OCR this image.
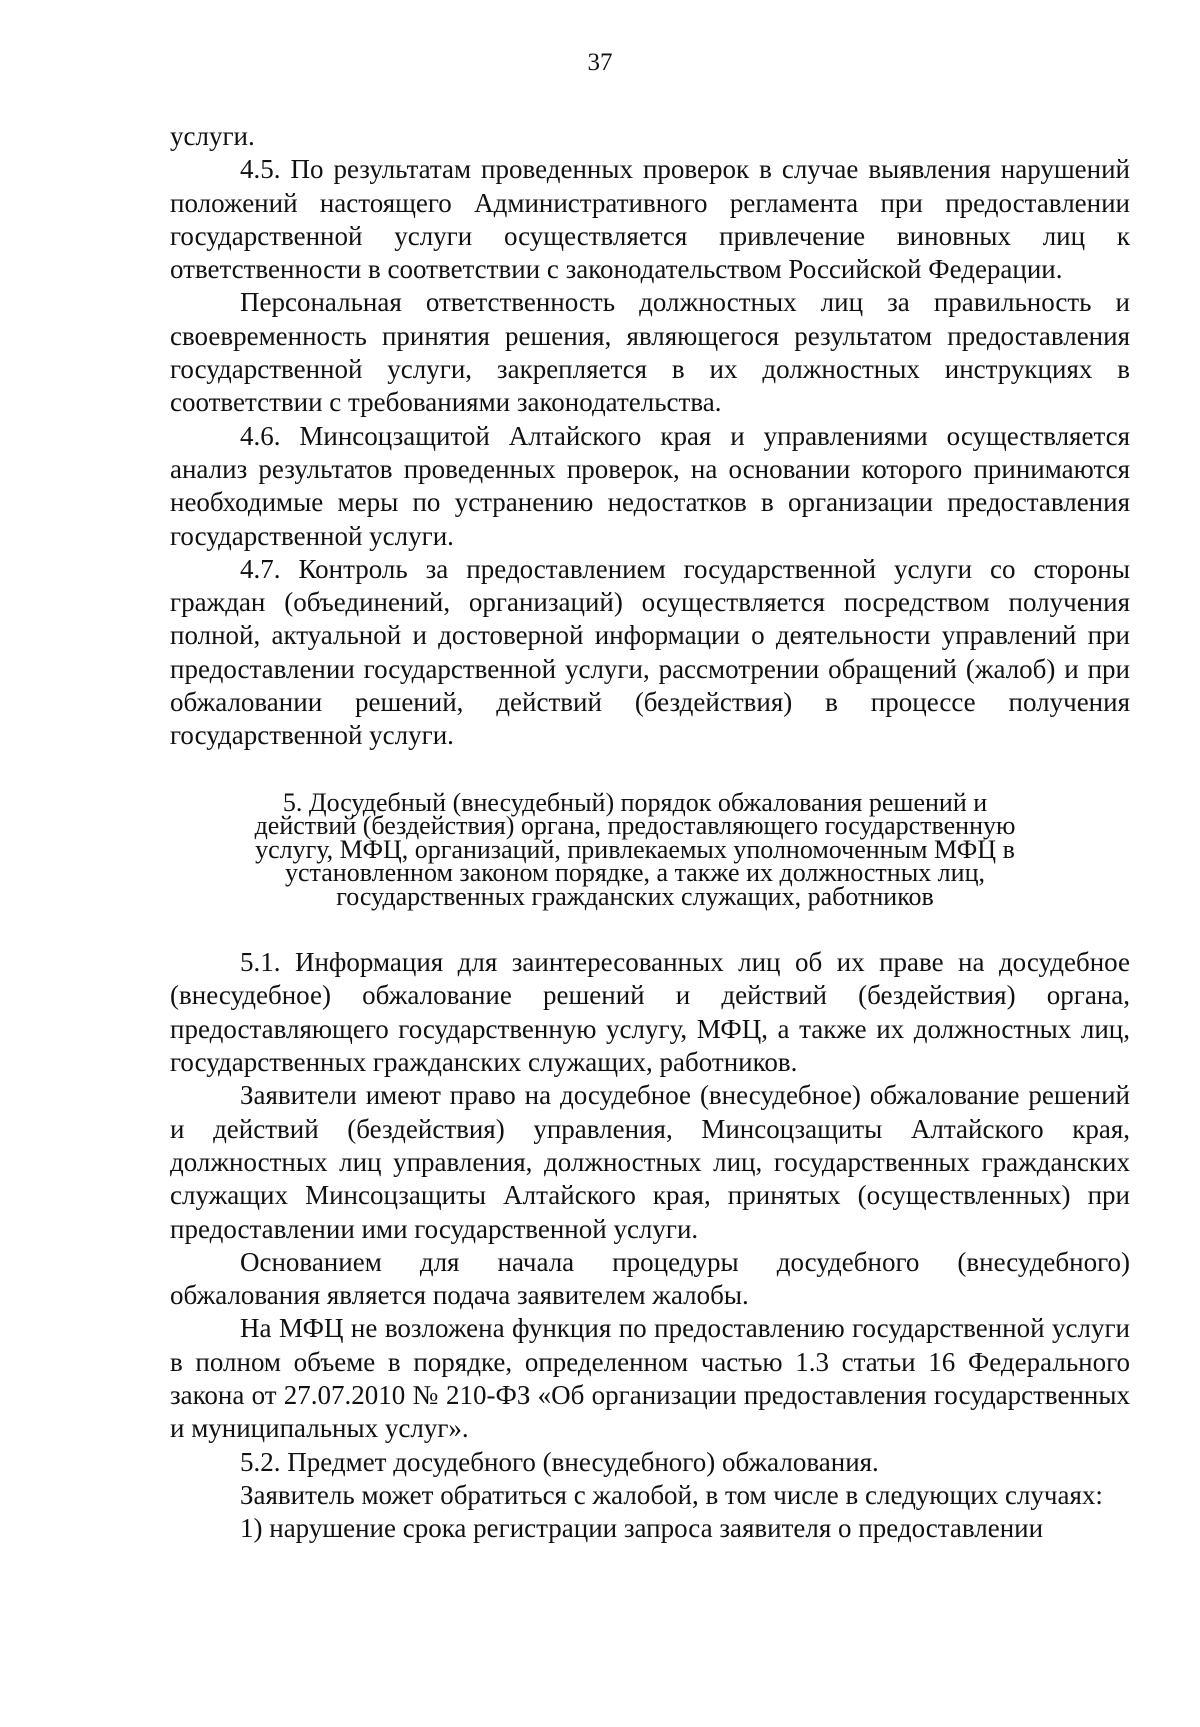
37

услуги.

4.5. По результатам проведенных проверок в случае выявления нарушений положений настоящего Административного регламента при предоставлении государственной услуги осуществляется привлечение виновных лиц к ответственности в соответствии с законодательством Российской Федерации.

Персональная ответственность должностных лиц за правильность и своевременность принятия решения, являющегося результатом предоставления государственной услуги, закрепляется в их должностных инструкциях в соответствии с требованиями законодательства.

4.6. Минсоцзащитой Алтайского края и управлениями осуществляется анализ результатов проведенных проверок, на основании которого принимаются необходимые меры по устранению недостатков в организации предоставления государственной услуги.

4.7. Контроль за предоставлением государственной услуги со стороны граждан (объединений, организаций) осуществляется посредством получения полной, актуальной и достоверной информации о деятельности управлений при предоставлении государственной услуги, рассмотрении обращений (жалоб) и при обжаловании решений, действий (бездействия) в процессе получения государственной услуги.

5. Досудебный (внесудебный) порядок обжалования решений и действий (бездействия) органа, предоставляющего государственную услугу, МФЦ, организаций, привлекаемых уполномоченным МФЦ в установленном законом порядке, а также их должностных лиц, государственных гражданских служащих, работников

5.1. Информация для заинтересованных лиц об их праве на досудебное (внесудебное) обжалование решений и действий (бездействия) органа, предоставляющего государственную услугу, МФЦ, а также их должностных лиц, государственных гражданских служащих, работников.

Заявители имеют право на досудебное (внесудебное) обжалование решений и действий (бездействия) управления, Минсоцзащиты Алтайского края, должностных лиц управления, должностных лиц, государственных гражданских служащих Минсоцзащиты Алтайского края, принятых (осуществленных) при предоставлении ими государственной услуги.

Основанием для начала процедуры досудебного (внесудебного) обжалования является подача заявителем жалобы.

На МФЦ не возложена функция по предоставлению государственной услуги в полном объеме в порядке, определенном частью 1.3 статьи 16 Федерального закона от 27.07.2010 № 210-ФЗ «Об организации предоставления государственных и муниципальных услуг».

5.2. Предмет досудебного (внесудебного) обжалования.

Заявитель может обратиться с жалобой, в том числе в следующих случаях:

1) нарушение срока регистрации запроса заявителя о предоставлении
